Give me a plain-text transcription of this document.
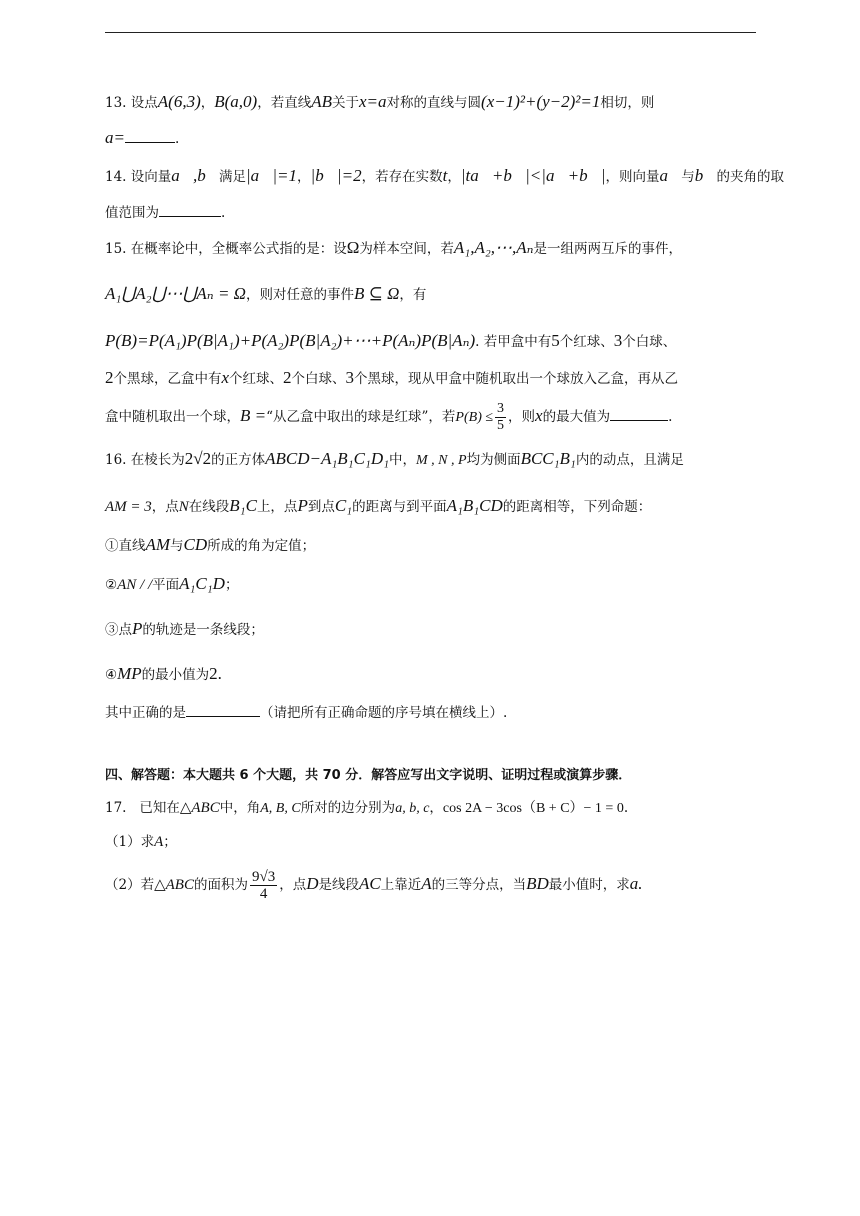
13. 设点A(6,3)，B(a,0)，若直线AB关于x=a对称的直线与圆(x−1)²+(y−2)²=1相切，则
a=	.
14. 设向量a⃗,b⃗满足|a⃗|=1，|b⃗|=2，若存在实数t，|ta⃗+b⃗|<|a⃗+b⃗|，则向量a⃗与b⃗的夹角的取
值范围为	.
15. 在概率论中，全概率公式指的是：设Ω为样本空间，若A₁,A₂,⋯,Aₙ是一组两两互斥的事件，
A₁⋃A₂⋃⋯⋃Aₙ = Ω，则对任意的事件B ⊆ Ω，有
P(B)=P(A₁)P(B|A₁)+P(A₂)P(B|A₂)+⋯+P(Aₙ)P(B|Aₙ). 若甲盒中有5个红球、3个白球、
2个黑球，乙盒中有x个红球、2个白球、3个黑球，现从甲盒中随机取出一个球放入乙盒，再从乙
盒中随机取出一个球，B =“从乙盒中取出的球是红球”，若$P(B) \le \frac{3}{5}$ ，则x的最大值为	.
16. 在棱长为2√2的正方体ABCD−A₁B₁C₁D₁中，M , N , P均为侧面BCC₁B₁内的动点，且满足
AM = 3，点N在线段B₁C上，点P到点C₁的距离与到平面A₁B₁CD的距离相等，下列命题：
①直线AM与CD所成的角为定值；
②AN / /平面A₁C₁D；
③点P的轨迹是一条线段；
④MP的最小值为2.
其中正确的是	（请把所有正确命题的序号填在横线上）.
四、解答题：本大题共 6 个大题，共 70 分．解答应写出文字说明、证明过程或演算步骤．
17. 已知在△ABC中，角A, B, C所对的边分别为a, b, c，cos 2A − 3cos（B + C）− 1 = 0.
（1）求A；
（2）若△ABC的面积为 $\frac{9√3}{4}$ ，点D是线段AC上靠近A的三等分点，当BD最小值时，求a.
